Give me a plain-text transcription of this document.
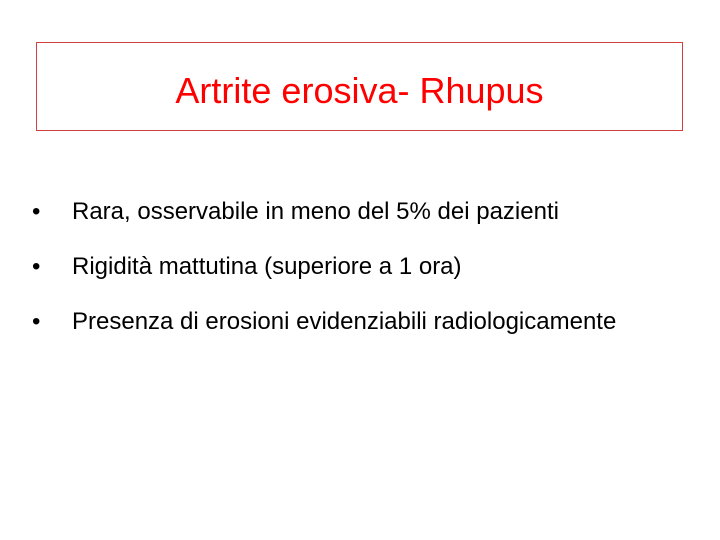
Artrite erosiva- Rhupus
• Rara, osservabile in meno del 5% dei pazienti
• Rigidità mattutina (superiore a 1 ora)
• Presenza di erosioni evidenziabili radiologicamente
